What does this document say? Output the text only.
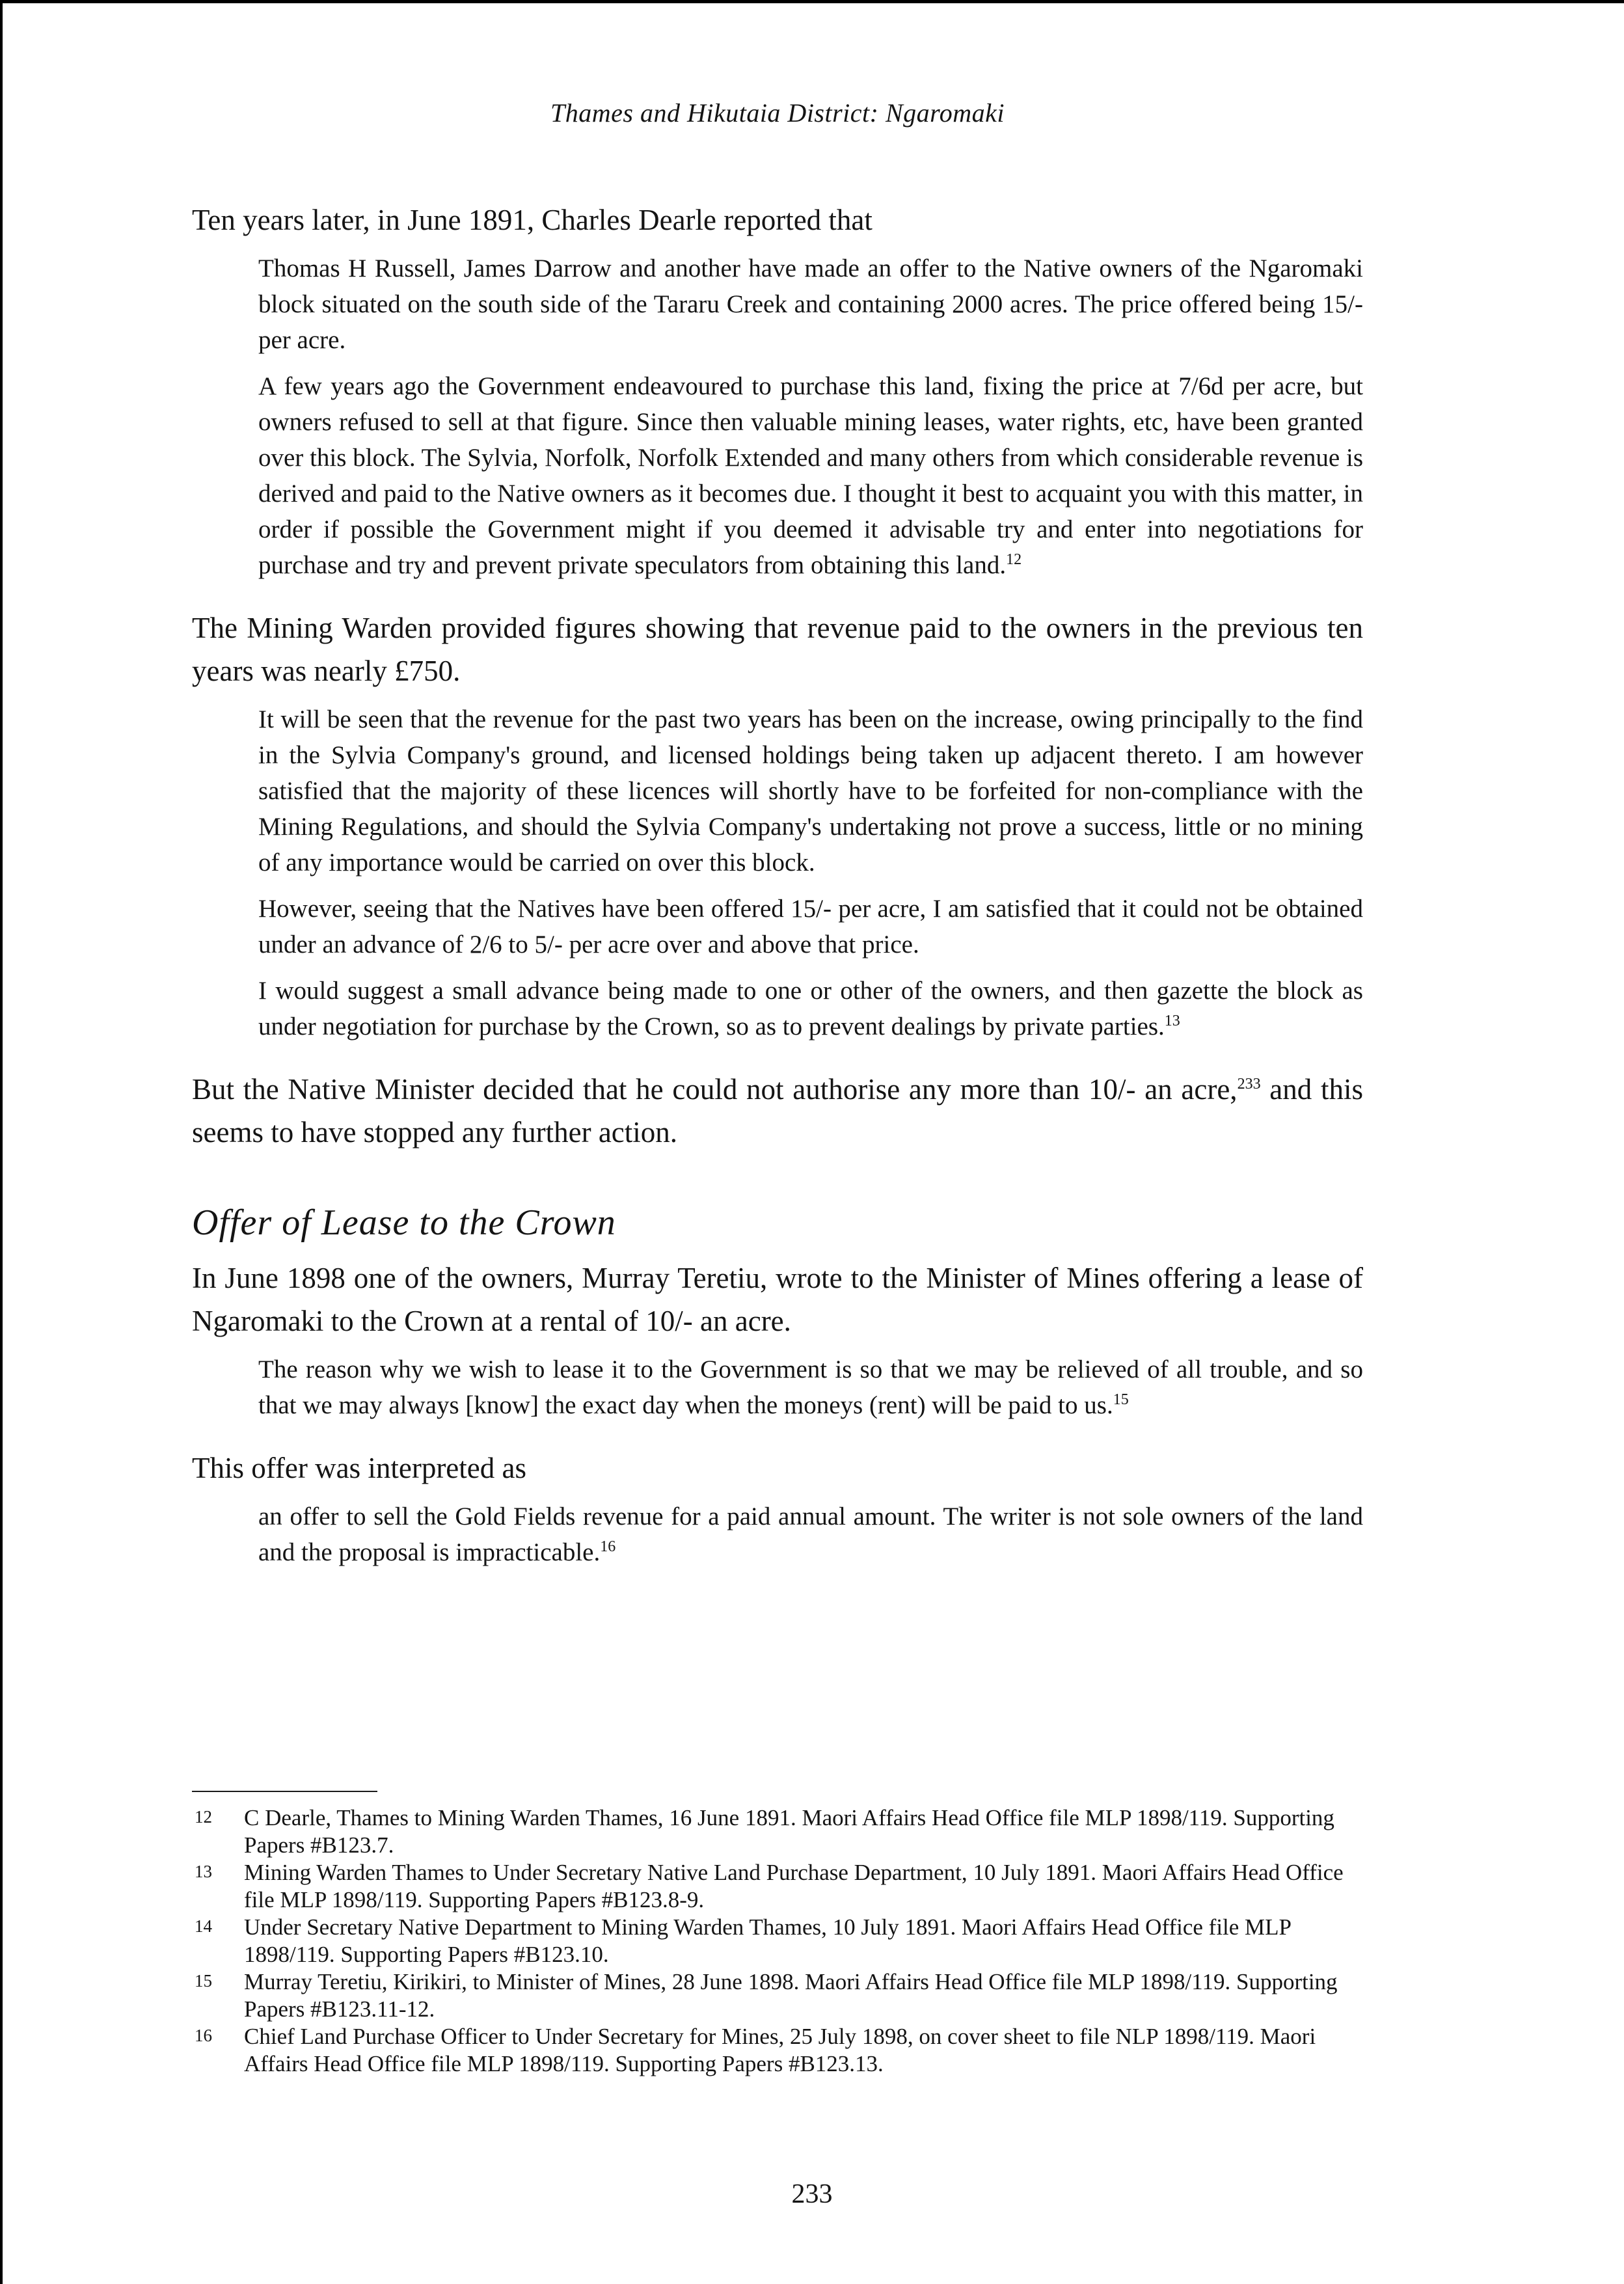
Thames and Hikutaia District: Ngaromaki

Ten years later, in June 1891, Charles Dearle reported that

Thomas H Russell, James Darrow and another have made an offer to the Native owners of the Ngaromaki block situated on the south side of the Tararu Creek and containing 2000 acres. The price offered being 15/- per acre.

A few years ago the Government endeavoured to purchase this land, fixing the price at 7/6d per acre, but owners refused to sell at that figure. Since then valuable mining leases, water rights, etc, have been granted over this block. The Sylvia, Norfolk, Norfolk Extended and many others from which considerable revenue is derived and paid to the Native owners as it becomes due. I thought it best to acquaint you with this matter, in order if possible the Government might if you deemed it advisable try and enter into negotiations for purchase and try and prevent private speculators from obtaining this land.$^{12}$

The Mining Warden provided figures showing that revenue paid to the owners in the previous ten years was nearly £750.

It will be seen that the revenue for the past two years has been on the increase, owing principally to the find in the Sylvia Company's ground, and licensed holdings being taken up adjacent thereto. I am however satisfied that the majority of these licences will shortly have to be forfeited for non-compliance with the Mining Regulations, and should the Sylvia Company's undertaking not prove a success, little or no mining of any importance would be carried on over this block.

However, seeing that the Natives have been offered 15/- per acre, I am satisfied that it could not be obtained under an advance of 2/6 to 5/- per acre over and above that price.

I would suggest a small advance being made to one or other of the owners, and then gazette the block as under negotiation for purchase by the Crown, so as to prevent dealings by private parties.$^{13}$

But the Native Minister decided that he could not authorise any more than 10/- an acre,$^{233}$ and this seems to have stopped any further action.

Offer of Lease to the Crown

In June 1898 one of the owners, Murray Teretiu, wrote to the Minister of Mines offering a lease of Ngaromaki to the Crown at a rental of 10/- an acre.

The reason why we wish to lease it to the Government is so that we may be relieved of all trouble, and so that we may always [know] the exact day when the moneys (rent) will be paid to us.$^{15}$

This offer was interpreted as

an offer to sell the Gold Fields revenue for a paid annual amount. The writer is not sole owners of the land and the proposal is impracticable.$^{16}$

12 C Dearle, Thames to Mining Warden Thames, 16 June 1891. Maori Affairs Head Office file MLP 1898/119. Supporting Papers #B123.7.
13 Mining Warden Thames to Under Secretary Native Land Purchase Department, 10 July 1891. Maori Affairs Head Office file MLP 1898/119. Supporting Papers #B123.8-9.
14 Under Secretary Native Department to Mining Warden Thames, 10 July 1891. Maori Affairs Head Office file MLP 1898/119. Supporting Papers #B123.10.
15 Murray Teretiu, Kirikiri, to Minister of Mines, 28 June 1898. Maori Affairs Head Office file MLP 1898/119. Supporting Papers #B123.11-12.
16 Chief Land Purchase Officer to Under Secretary for Mines, 25 July 1898, on cover sheet to file NLP 1898/119. Maori Affairs Head Office file MLP 1898/119. Supporting Papers #B123.13.
233
